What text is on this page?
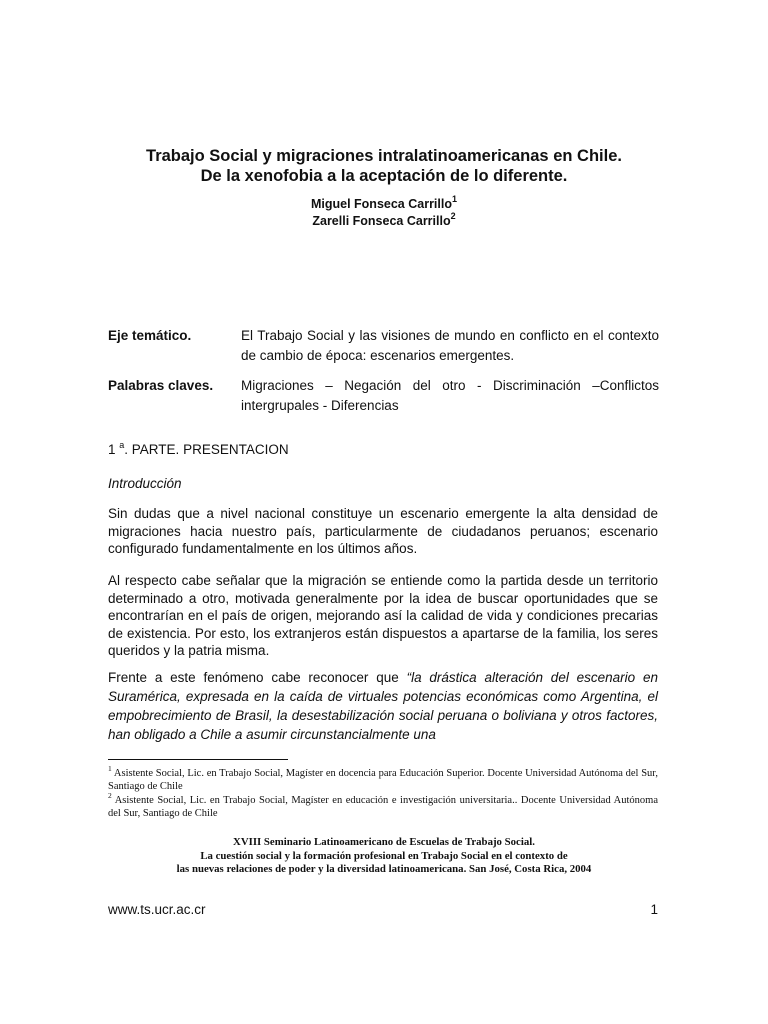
Trabajo Social y migraciones intralatinoamericanas en Chile.
De la xenofobia a la aceptación de lo diferente.
Miguel Fonseca Carrillo$^1$
Zarelli Fonseca Carrillo$^2$
Eje temático.	El Trabajo Social y las visiones de mundo en conflicto en el contexto de cambio de época: escenarios emergentes.
Palabras claves. Migraciones – Negación del otro - Discriminación –Conflictos intergrupales - Diferencias
1 $^a$. PARTE. PRESENTACION
Introducción
Sin dudas que a nivel nacional constituye un escenario emergente la alta densidad de migraciones hacia nuestro país, particularmente de ciudadanos peruanos; escenario configurado fundamentalmente en los últimos años.
Al respecto cabe señalar que la migración se entiende como la partida desde un territorio determinado a otro, motivada generalmente por la idea de buscar oportunidades que se encontrarían en el país de origen, mejorando así la calidad de vida y condiciones precarias de existencia. Por esto, los extranjeros están dispuestos a apartarse de la familia, los seres queridos y la patria misma.
Frente a este fenómeno cabe reconocer que “la drástica alteración del escenario en Suramérica, expresada en la caída de virtuales potencias económicas como Argentina, el empobrecimiento de Brasil, la desestabilización social peruana o boliviana y otros factores, han obligado a Chile a asumir circunstancialmente una
$^1$ Asistente Social, Lic. en Trabajo Social, Magíster en docencia para Educación Superior. Docente Universidad Autónoma del Sur, Santiago de Chile
$^2$ Asistente Social, Lic. en Trabajo Social, Magíster en educación e investigación universitaria.. Docente Universidad Autónoma del Sur, Santiago de Chile
XVIII Seminario Latinoamericano de Escuelas de Trabajo Social.
La cuestión social y la formación profesional en Trabajo Social en el contexto de
las nuevas relaciones de poder y la diversidad latinoamericana. San José, Costa Rica, 2004
www.ts.ucr.ac.cr	1
